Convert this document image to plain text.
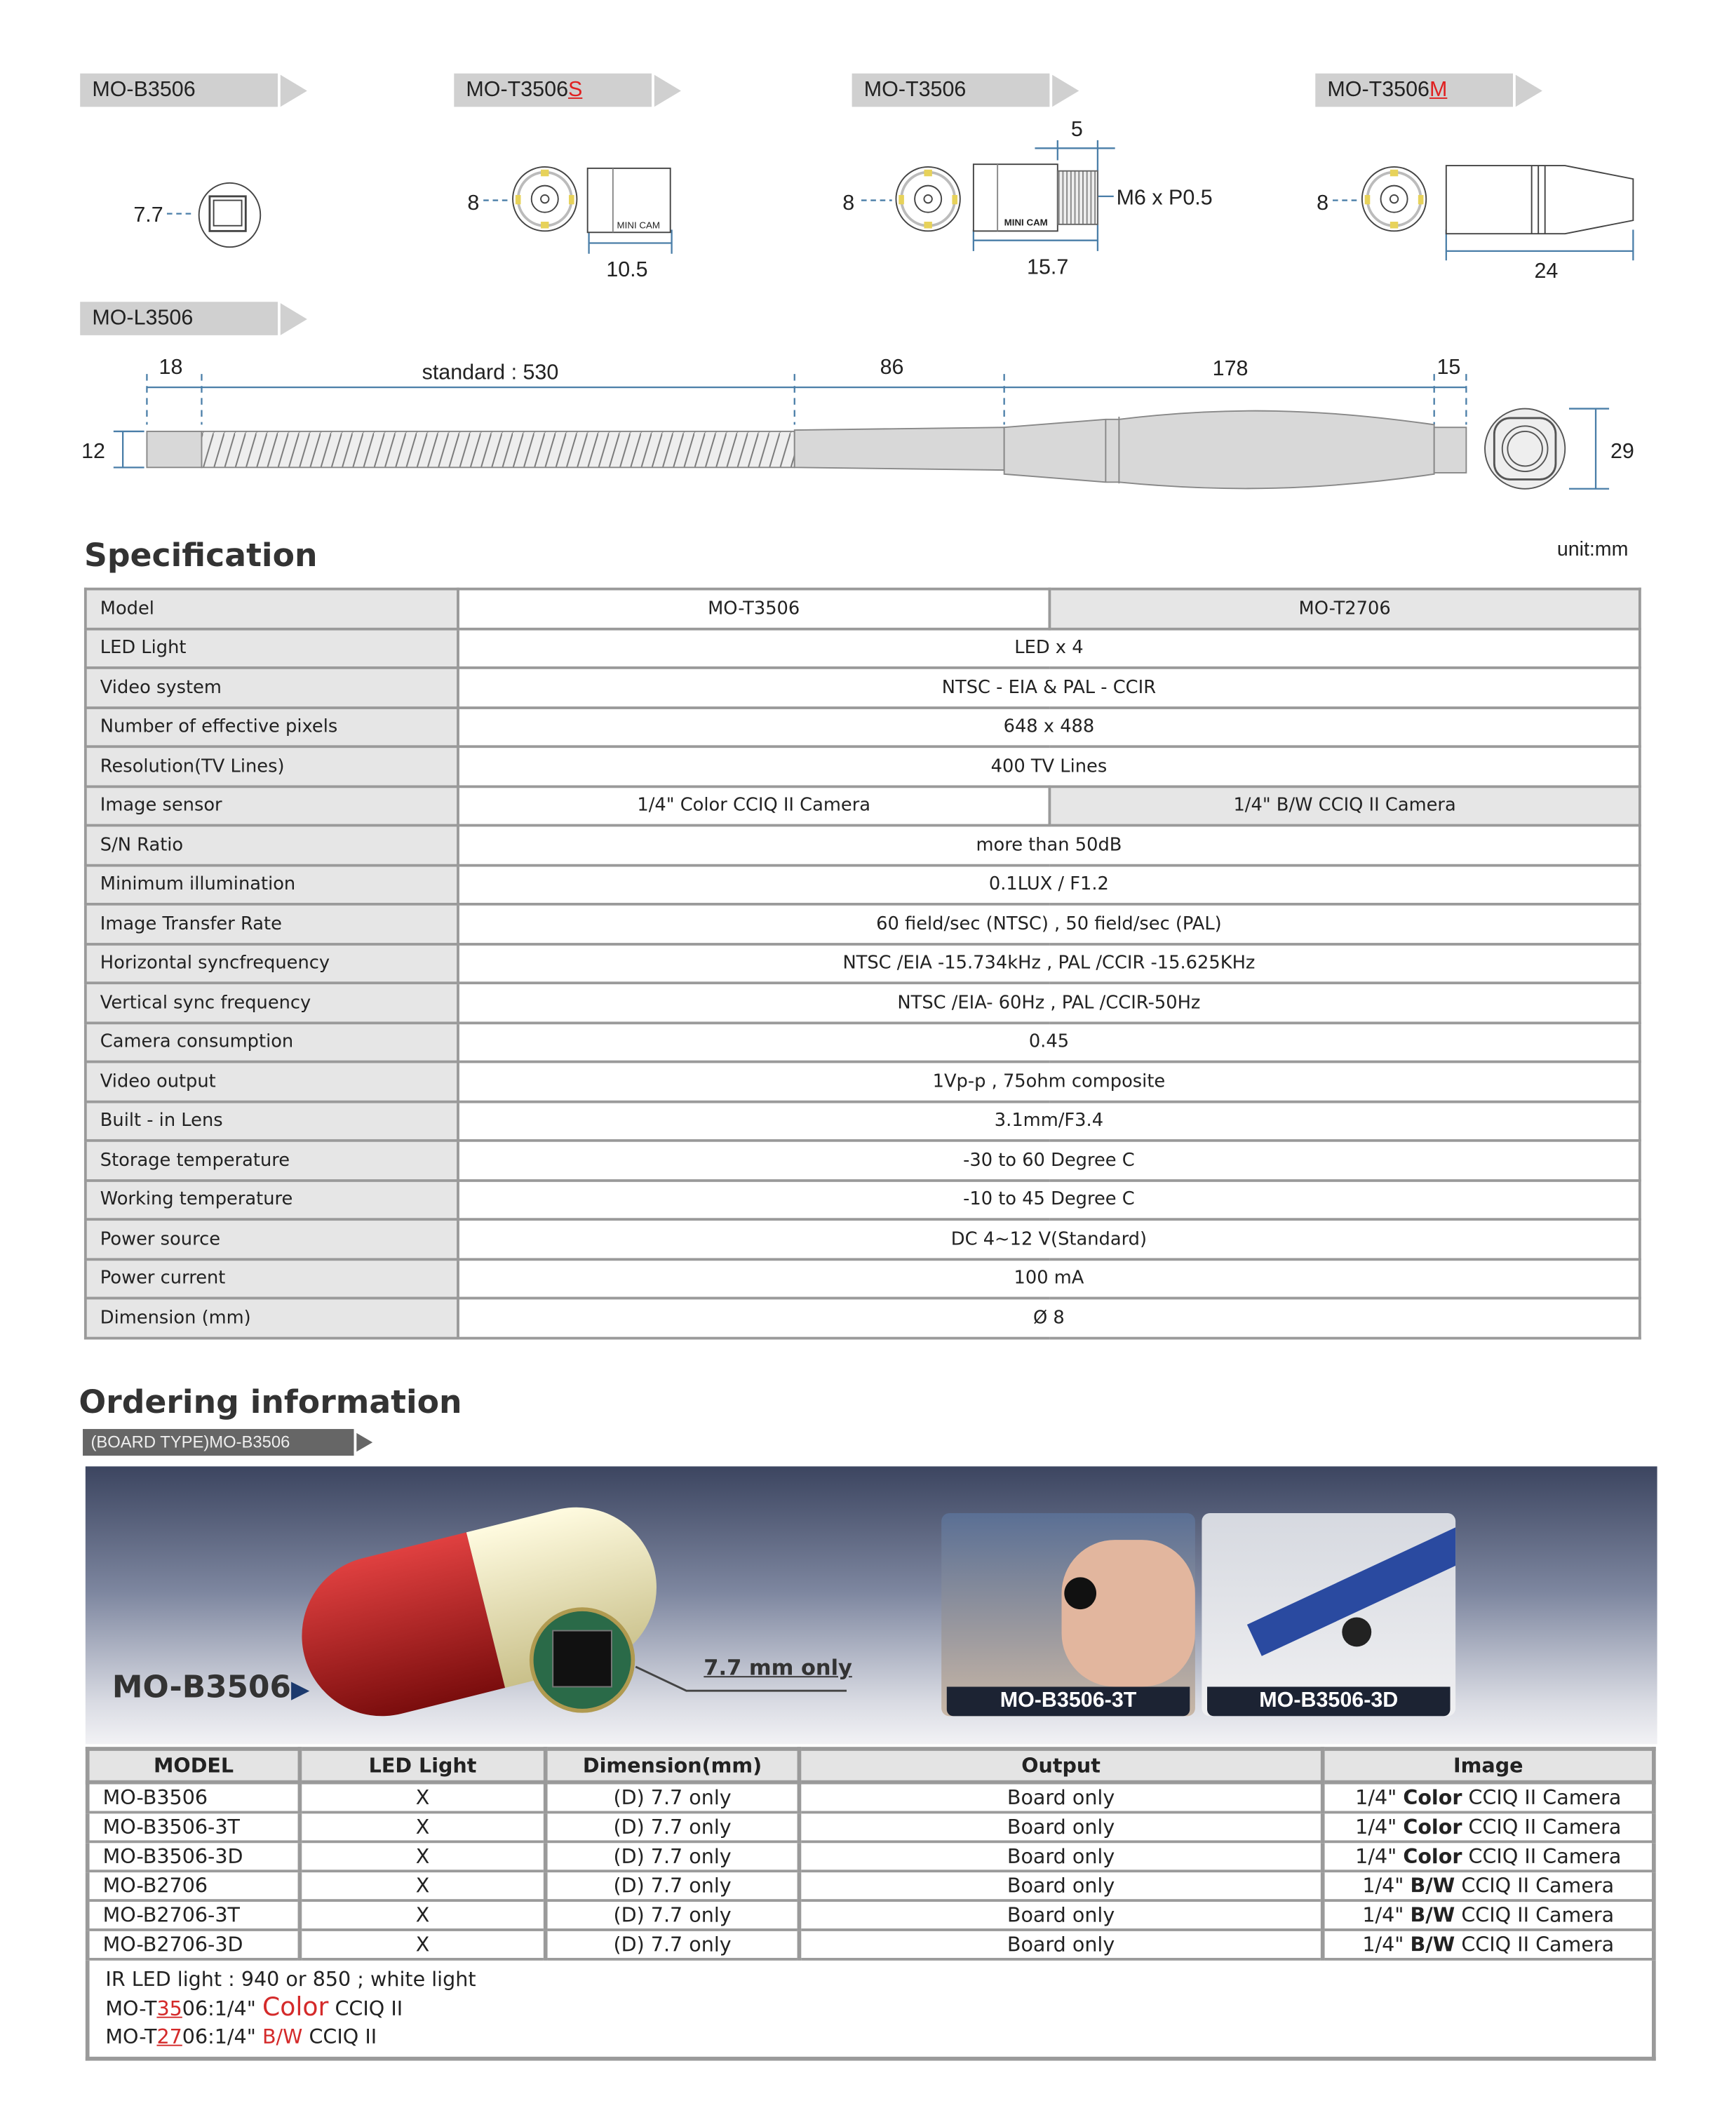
MO-B3506	MO-T3506S	MO-T3506	MO-T3506M
MO-L3506
7.7
8
10.5
MINI CAM
8
5
M6 x P0.5
15.7
MINI CAM
8
24
18	standard : 530	86	178	15
12	29
Specification	unit:mm
Model	MO-T3506	MO-T2706
LED Light	LED x 4	
Video system	NTSC - EIA & PAL - CCIR	
Number of effective pixels	648 x 488	
Resolution(TV Lines)	400 TV Lines	
Image sensor	1/4" Color CCIQ II Camera	1/4" B/W CCIQ II Camera
S/N Ratio	more than 50dB	
Minimum illumination	0.1LUX / F1.2	
Image Transfer Rate	60 field/sec (NTSC) , 50 field/sec (PAL)	
Horizontal syncfrequency	NTSC /EIA -15.734kHz , PAL /CCIR -15.625KHz	
Vertical sync frequency	NTSC /EIA- 60Hz , PAL /CCIR-50Hz	
Camera consumption	0.45	
Video output	1Vp-p , 75ohm composite	
Built - in Lens	3.1mm/F3.4	
Storage temperature	-30 to 60 Degree C	
Working temperature	-10 to 45 Degree C	
Power source	DC 4~12 V(Standard)	
Power current	100 mA	
Dimension (mm)	Ø 8	
Ordering information
(BOARD TYPE)MO-B3506
7.7 mm only
MO-B3506▶	MO-B3506-3T	MO-B3506-3D
MODEL	LED Light	Dimension(mm)	Output	Image
MO-B3506	X	(D) 7.7 only	Board only	1/4" Color CCIQ II Camera
MO-B3506-3T	X	(D) 7.7 only	Board only	1/4" Color CCIQ II Camera
MO-B3506-3D	X	(D) 7.7 only	Board only	1/4" Color CCIQ II Camera
MO-B2706	X	(D) 7.7 only	Board only	1/4" B/W CCIQ II Camera
MO-B2706-3T	X	(D) 7.7 only	Board only	1/4" B/W CCIQ II Camera
MO-B2706-3D	X	(D) 7.7 only	Board only	1/4" B/W CCIQ II Camera
IR LED light : 940 or 850 ; white light
MO-T3506:1/4" Color CCIQ II
MO-T2706:1/4" B/W CCIQ II
